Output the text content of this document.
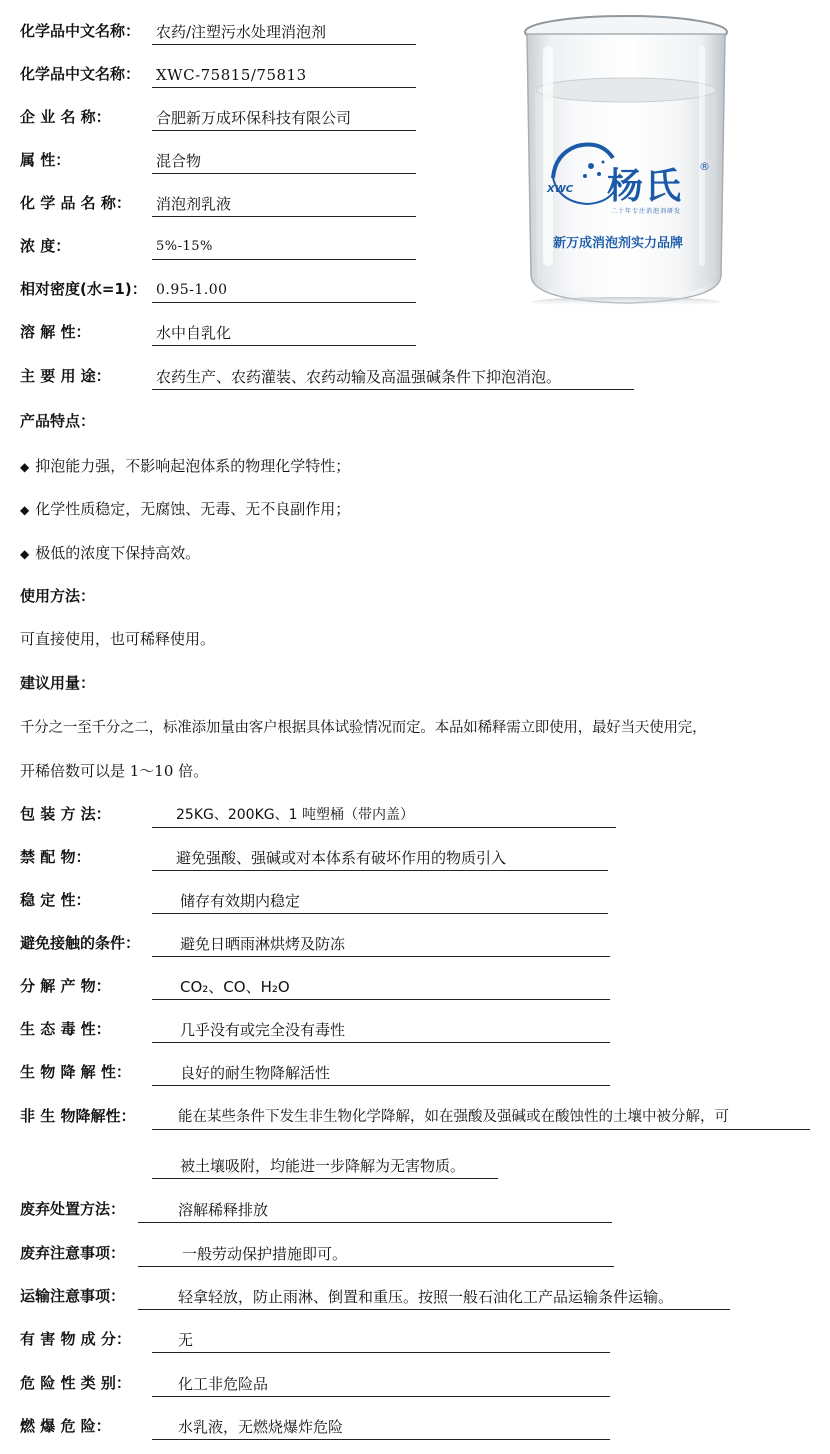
XWC 杨氏 ®
二十年专注消泡剂研发
新万成消泡剂实力品牌
化学品中文名称： 农药/注塑污水处理消泡剂
化学品中文名称： XWC-75815/75813
企 业 名 称：	合肥新万成环保科技有限公司
属 性：	混合物
化 学 品 名 称： 消泡剂乳液
浓 度：	5%-15%
相对密度(水=1)： 0.95-1.00
溶 解 性：	水中自乳化
主 要 用 途：	农药生产、农药灌装、农药动输及高温强碱条件下抑泡消泡。
产品特点：
◆ 抑泡能力强，不影响起泡体系的物理化学特性；
◆ 化学性质稳定，无腐蚀、无毒、无不良副作用；
◆ 极低的浓度下保持高效。
使用方法：
可直接使用，也可稀释使用。
建议用量：
千分之一至千分之二，标准添加量由客户根据具体试验情况而定。本品如稀释需立即使用，最好当天使用完，
开稀倍数可以是 1～10 倍。
包 装 方 法：	25KG、200KG、1 吨塑桶（带内盖）
禁 配 物：	避免强酸、强碱或对本体系有破坏作用的物质引入
稳 定 性：	储存有效期内稳定
避免接触的条件：	避免日晒雨淋烘烤及防冻
分 解 产 物：	CO₂、CO、H₂O
生 态 毒 性：	几乎没有或完全没有毒性
生 物 降 解 性：	良好的耐生物降解活性
非 生 物降解性：	能在某些条件下发生非生物化学降解，如在强酸及强碱或在酸蚀性的土壤中被分解，可
被土壤吸附，均能进一步降解为无害物质。
废弃处置方法：	溶解稀释排放
废弃注意事项：	一般劳动保护措施即可。
运输注意事项：	轻拿轻放，防止雨淋、倒置和重压。按照一般石油化工产品运输条件运输。
有 害 物 成 分：	无
危 险 性 类 别：	化工非危险品
燃 爆 危 险：	水乳液，无燃烧爆炸危险
